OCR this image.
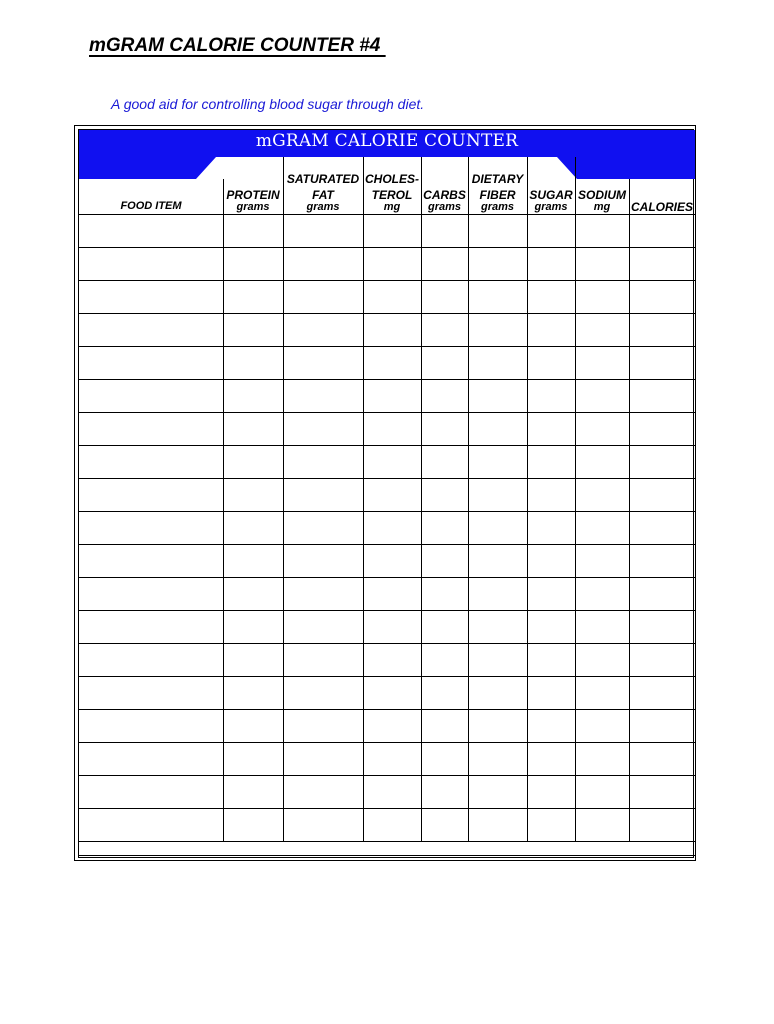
mGRAM CALORIE COUNTER #4
A good aid for controlling blood sugar through diet.
mGRAM CALORIE COUNTER
FOOD ITEM
PROTEIN
grams
SATURATED
FAT
grams
CHOLES-
TEROL
mg
CARBS
grams
DIETARY
FIBER
grams
SUGAR
grams
SODIUM
mg	CALORIES
